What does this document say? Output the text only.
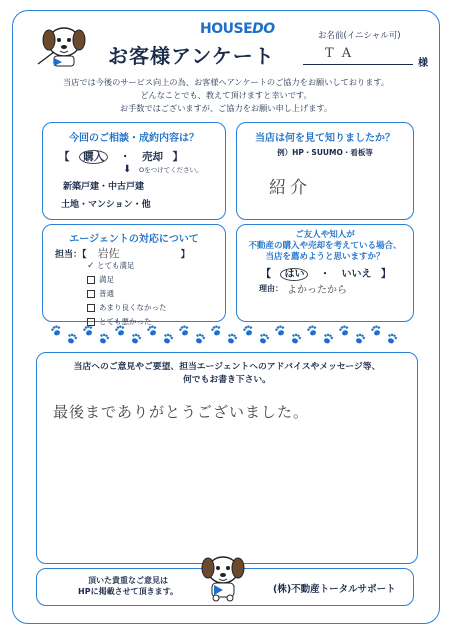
HOUSEDO
お客様アンケート
お名前(イニシャル可)
T A
様
当店では今後のサービス向上の為、お客様へアンケートのご協力をお願いしております。
どんなことでも、教えて頂けますと幸いです。
お手数ではございますが、ご協力をお願い申し上げます。
今回のご相談・成約内容は？
【 購入 ・ 売却 】
⬇ Oをつけてください。
新築戸建・中古戸建
土地・マンション・他
当店は何を見て知りましたか？
例）HP・SUUMO・看板等
紹介
エージェントの対応について
担当：【 岩佐	】
✓ とても満足
満足
普通
あまり良くなかった
とても悪かった
ご友人や知人が
不動産の購入や売却を考えている場合、
当店を薦めようと思いますか？
【 はい ・ いいえ 】
理由： よかったから
当店へのご意見やご要望、担当エージェントへのアドバイスやメッセージ等、
何でもお書き下さい。
最後までありがとうございました。
頂いた貴重なご意見は
HPに掲載させて頂きます。	(株)不動産トータルサポート
